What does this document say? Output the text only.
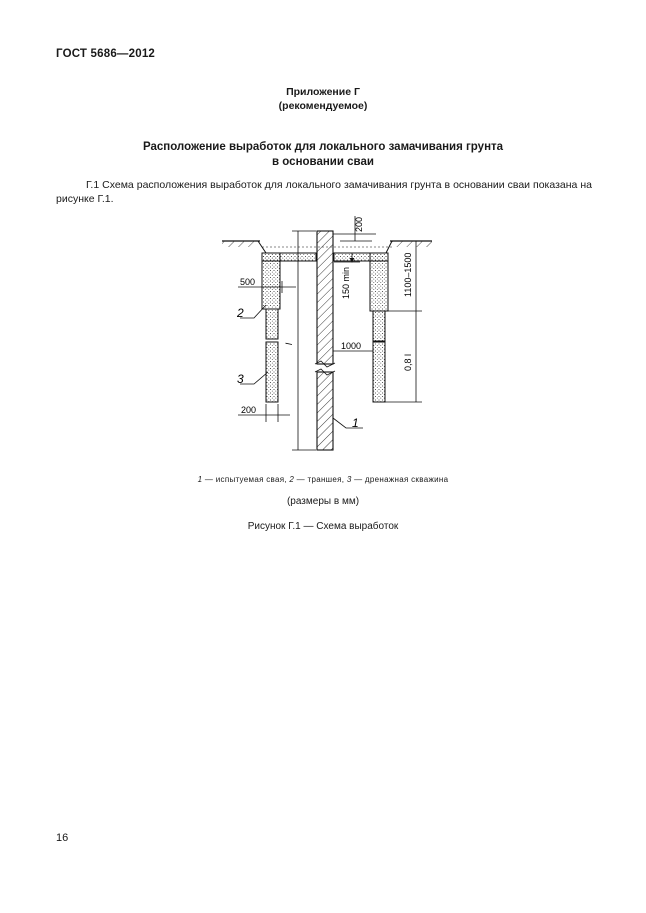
ГОСТ 5686—2012
Приложение Г
(рекомендуемое)
Расположение выработок для локального замачивания грунта
в основании сваи
Г.1 Схема расположения выработок для локального замачивания грунта в основании сваи показана на рисунке Г.1.
200
150 min	1100–1500
0,8 l
500
1000
200
l
2
3
1
1 — испытуемая свая, 2 — траншея, 3 — дренажная скважина
(размеры в мм)
Рисунок Г.1 — Схема выработок
16
